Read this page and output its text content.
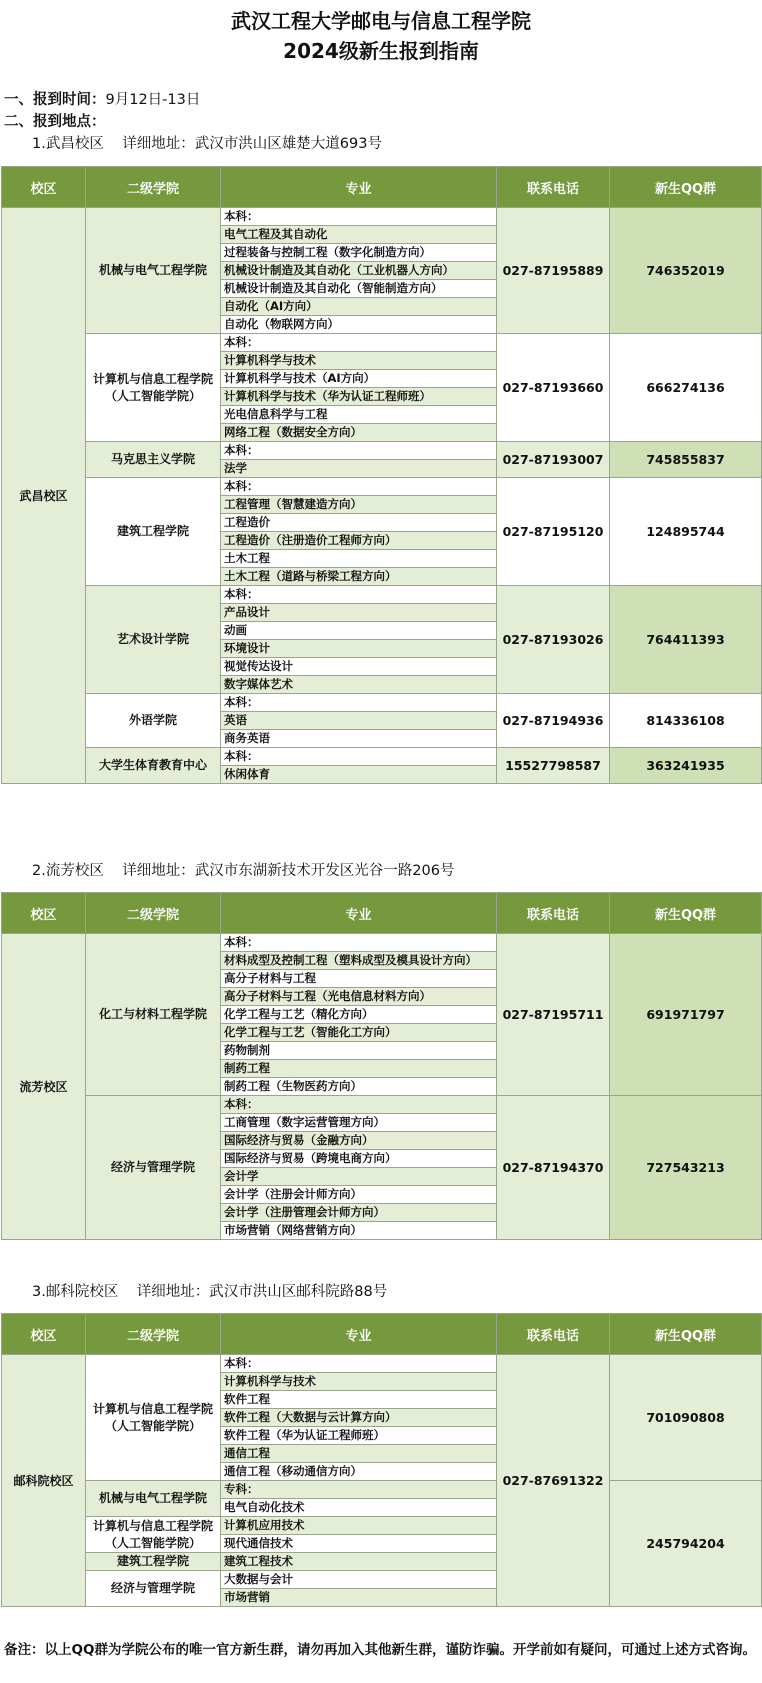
武汉工程大学邮电与信息工程学院
2024级新生报到指南
一、报到时间：9月12日-13日
二、报到地点：
1.武昌校区 详细地址：武汉市洪山区雄楚大道693号
校区	二级学院	专业	联系电话	新生QQ群
武昌校区	机械与电气工程学院	本科：	027-87195889	746352019
		电气工程及其自动化		
		过程装备与控制工程（数字化制造方向）		
		机械设计制造及其自动化（工业机器人方向）		
		机械设计制造及其自动化（智能制造方向）		
		自动化（AI方向）		
		自动化（物联网方向）		

	计算机与信息工程学院
（人工智能学院）	本科：	027-87193660	666274136
		计算机科学与技术		
		计算机科学与技术（AI方向）		
		计算机科学与技术（华为认证工程师班）		
		光电信息科学与工程		
		网络工程（数据安全方向）		
	马克思主义学院	本科：	027-87193007	745855837
		法学		
	建筑工程学院	本科：	027-87195120	124895744
		工程管理（智慧建造方向）		
		工程造价		
		工程造价（注册造价工程师方向）		
		土木工程		
		土木工程（道路与桥梁工程方向）		
	艺术设计学院	本科：	027-87193026	764411393
		产品设计		
		动画		
		环境设计		
		视觉传达设计		
		数字媒体艺术		
	外语学院	本科：	027-87194936	814336108
		英语		
		商务英语		
	大学生体育教育中心	本科：	15527798587	363241935
		休闲体育		
2.流芳校区 详细地址：武汉市东湖新技术开发区光谷一路206号
校区	二级学院	专业	联系电话	新生QQ群
流芳校区	化工与材料工程学院	本科：	027-87195711	691971797
		材料成型及控制工程（塑料成型及模具设计方向）		
		高分子材料与工程		
		高分子材料与工程（光电信息材料方向）		
		化学工程与工艺（精化方向）		
		化学工程与工艺（智能化工方向）		
		药物制剂		
		制药工程		
		制药工程（生物医药方向）		
	经济与管理学院	本科：	027-87194370	727543213
		工商管理（数字运营管理方向）		
		国际经济与贸易（金融方向）		
		国际经济与贸易（跨境电商方向）		
		会计学		
		会计学（注册会计师方向）		
		会计学（注册管理会计师方向）		
		市场营销（网络营销方向）		
3.邮科院校区 详细地址：武汉市洪山区邮科院路88号
校区	二级学院	专业	联系电话	新生QQ群
邮科院校区	计算机与信息工程学院
（人工智能学院）	本科：	027-87691322	701090808
		计算机科学与技术		
		软件工程		
		软件工程（大数据与云计算方向）		
		软件工程（华为认证工程师班）		
		通信工程		
		通信工程（移动通信方向）		
	机械与电气工程学院	专科：		245794204
		电气自动化技术		

	计算机与信息工程学院
（人工智能学院）	计算机应用技术		
		现代通信技术		
	建筑工程学院	建筑工程技术		
	经济与管理学院	大数据与会计		
		市场营销		
备注：以上QQ群为学院公布的唯一官方新生群，请勿再加入其他新生群，谨防诈骗。开学前如有疑问，可通过上述方式咨询。
